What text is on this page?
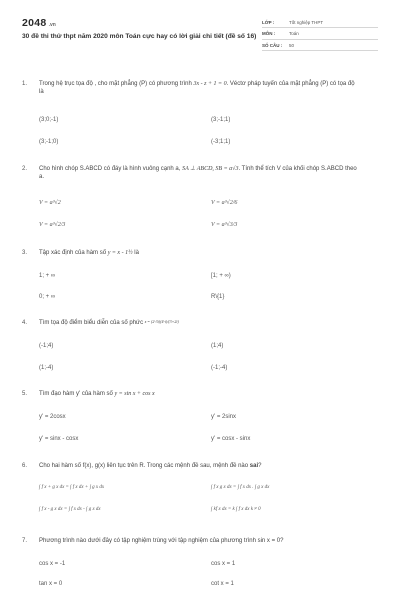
2048 .vn
30 đề thi thử thpt năm 2020 môn Toán cực hay có lời giải chi tiết (đề số 16)
LỚP :	Tốt nghiệp THPT
MÔN :	Toán
SỐ CÂU :	50
1.	Trong hệ trục tọa độ , cho mặt phẳng (P) có phương trình 3x - z + 1 = 0. Véctơ pháp tuyến của mặt phẳng (P) có tọa độ là
(3;0;-1)	(3;-1;1)
(3;-1;0)	(-3;1;1)
2.	Cho hình chóp S.ABCD có đáy là hình vuông cạnh a, SA ⊥ ABCD, SB = a√3. Tính thể tích V của khối chóp S.ABCD theo a.
V = a³√2	V = a³√2/6
V = a³√2/3	V = a³√3/3
3.	Tập xác định của hàm số y = x - 1½ là
1; + ∞	[1; + ∞)
0; + ∞	R\{1}
4.	Tìm tọa độ điểm biểu diễn của số phức z = (2-3i)(4-i)/(3+2i)
(-1;4)	(1;4)
(1;-4)	(-1;-4)
5.	Tìm đạo hàm y' của hàm số y = sin x + cos x
y' = 2cosx	y' = 2sinx
y' = sinx - cosx	y' = cosx - sinx
6.	Cho hai hàm số f(x), g(x) liên tục trên R. Trong các mệnh đề sau, mệnh đề nào sai?
∫ f x + g x dx = ∫ f x dx + ∫ g x dx	∫ f x g x dx = ∫ f x dx . ∫ g x dx
∫ f x - g x dx = ∫ f x dx - ∫ g x dx	∫ kf x dx = k ∫ f x dx k ≠ 0
7.	Phương trình nào dưới đây có tập nghiệm trùng với tập nghiệm của phương trình sin x = 0?
cos x = -1	cos x = 1
tan x = 0	cot x = 1
